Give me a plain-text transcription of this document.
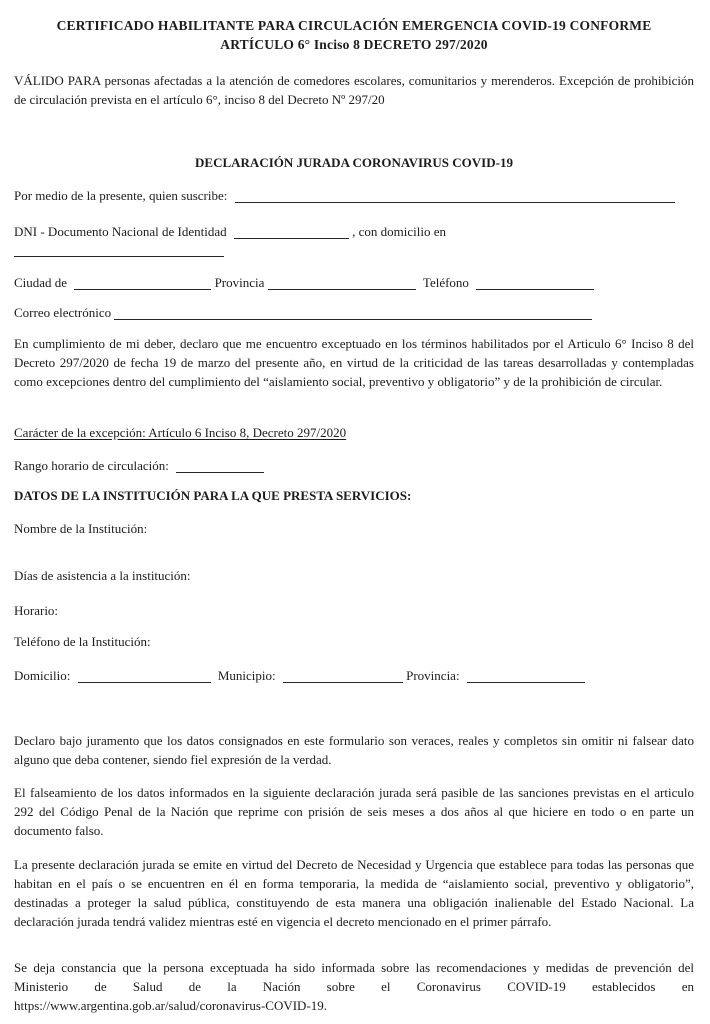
CERTIFICADO HABILITANTE PARA CIRCULACIÓN EMERGENCIA COVID-19 CONFORME
ARTÍCULO 6° Inciso 8 DECRETO 297/2020
VÁLIDO PARA personas afectadas a la atención de comedores escolares, comunitarios y merenderos. Excepción de prohibición de circulación prevista en el artículo 6°, inciso 8 del Decreto Nº 297/20
DECLARACIÓN JURADA CORONAVIRUS COVID-19
Por medio de la presente, quien suscribe:
DNI - Documento Nacional de Identidad	, con domicilio en
Ciudad de	Provincia	Teléfono
Correo electrónico
En cumplimiento de mi deber, declaro que me encuentro exceptuado en los términos habilitados por el Articulo 6° Inciso 8 del Decreto 297/2020 de fecha 19 de marzo del presente año, en virtud de la criticidad de las tareas desarrolladas y contempladas como excepciones dentro del cumplimiento del “aislamiento social, preventivo y obligatorio” y de la prohibición de circular.
Carácter de la excepción: Artículo 6 Inciso 8, Decreto 297/2020
Rango horario de circulación:
DATOS DE LA INSTITUCIÓN PARA LA QUE PRESTA SERVICIOS:
Nombre de la Institución:
Días de asistencia a la institución:
Horario:
Teléfono de la Institución:
Domicilio:	Municipio:	Provincia:
Declaro bajo juramento que los datos consignados en este formulario son veraces, reales y completos sin omitir ni falsear dato alguno que deba contener, siendo fiel expresión de la verdad.
El falseamiento de los datos informados en la siguiente declaración jurada será pasible de las sanciones previstas en el articulo 292 del Código Penal de la Nación que reprime con prisión de seis meses a dos años al que hiciere en todo o en parte un documento falso.
La presente declaración jurada se emite en virtud del Decreto de Necesidad y Urgencia que establece para todas las personas que habitan en el país o se encuentren en él en forma temporaria, la medida de “aislamiento social, preventivo y obligatorio”, destinadas a proteger la salud pública, constituyendo de esta manera una obligación inalienable del Estado Nacional. La declaración jurada tendrá validez mientras esté en vigencia el decreto mencionado en el primer párrafo.
Se deja constancia que la persona exceptuada ha sido informada sobre las recomendaciones y medidas de prevención del Ministerio de Salud de la Nación sobre el Coronavirus COVID-19 establecidos en https://www.argentina.gob.ar/salud/coronavirus-COVID-19.
